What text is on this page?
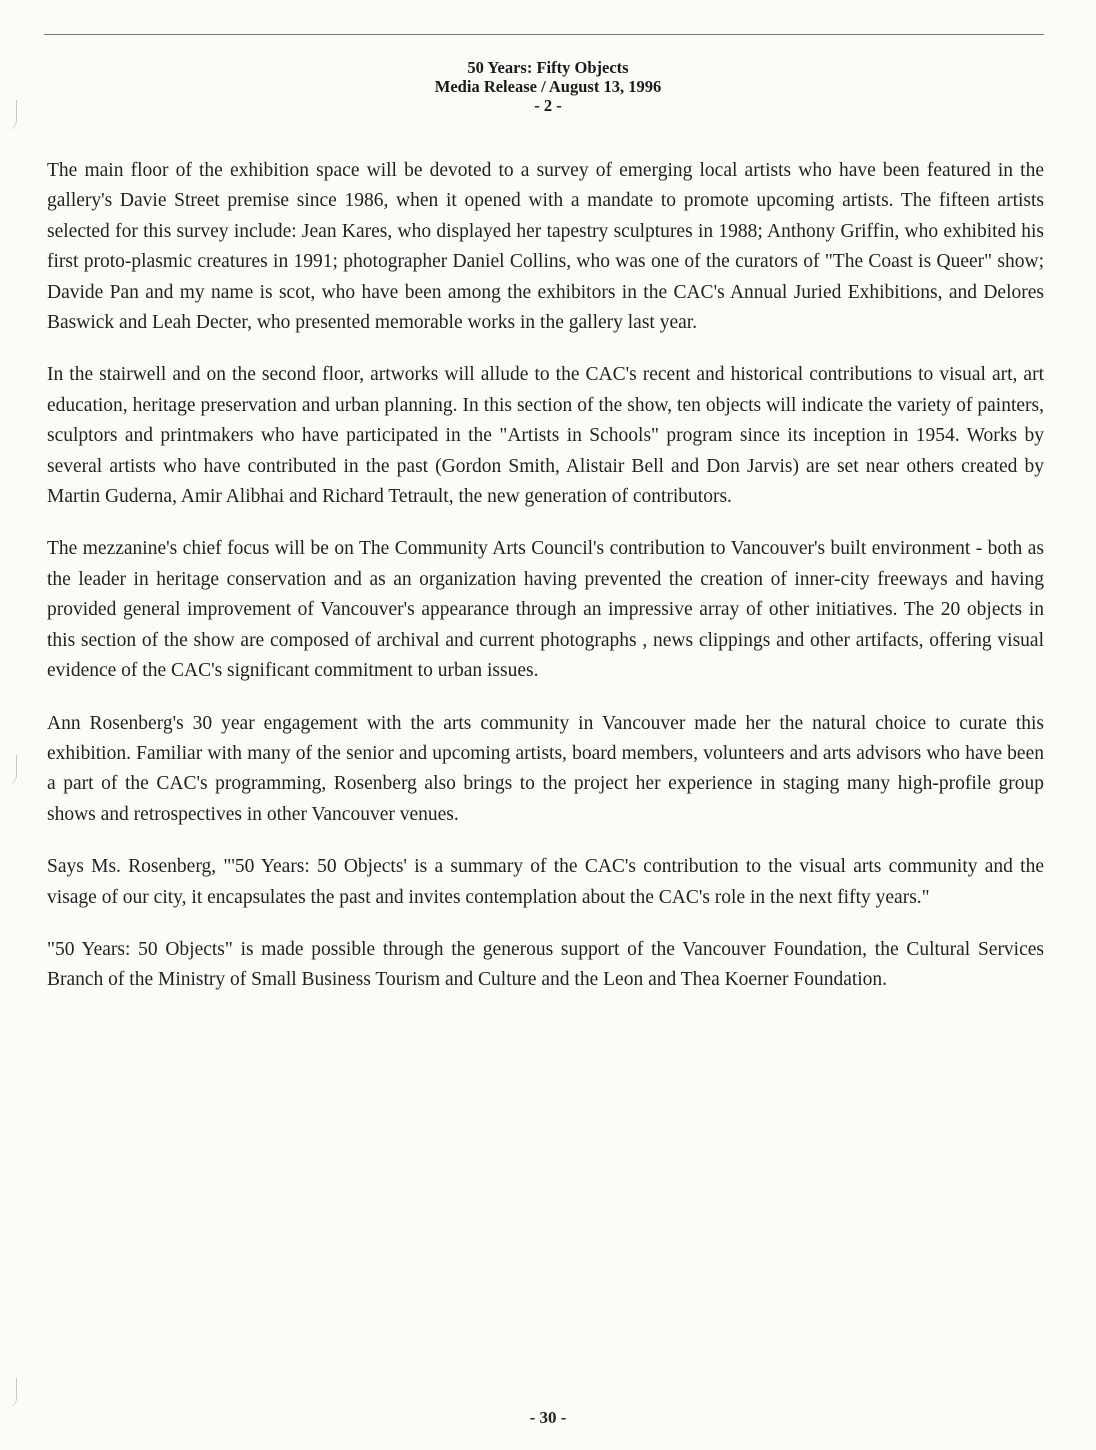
50 Years: Fifty Objects
Media Release / August 13, 1996
- 2 -

The main floor of the exhibition space will be devoted to a survey of emerging local artists who have been featured in the gallery's Davie Street premise since 1986, when it opened with a mandate to promote upcoming artists. The fifteen artists selected for this survey include: Jean Kares, who displayed her tapestry sculptures in 1988; Anthony Griffin, who exhibited his first proto-plasmic creatures in 1991; photographer Daniel Collins, who was one of the curators of "The Coast is Queer" show; Davide Pan and my name is scot, who have been among the exhibitors in the CAC's Annual Juried Exhibitions, and Delores Baswick and Leah Decter, who presented memorable works in the gallery last year.

In the stairwell and on the second floor, artworks will allude to the CAC's recent and historical contributions to visual art, art education, heritage preservation and urban planning. In this section of the show, ten objects will indicate the variety of painters, sculptors and printmakers who have participated in the "Artists in Schools" program since its inception in 1954. Works by several artists who have contributed in the past (Gordon Smith, Alistair Bell and Don Jarvis) are set near others created by Martin Guderna, Amir Alibhai and Richard Tetrault, the new generation of contributors.

The mezzanine's chief focus will be on The Community Arts Council's contribution to Vancouver's built environment - both as the leader in heritage conservation and as an organization having prevented the creation of inner-city freeways and having provided general improvement of Vancouver's appearance through an impressive array of other initiatives. The 20 objects in this section of the show are composed of archival and current photographs , news clippings and other artifacts, offering visual evidence of the CAC's significant commitment to urban issues.

Ann Rosenberg's 30 year engagement with the arts community in Vancouver made her the natural choice to curate this exhibition. Familiar with many of the senior and upcoming artists, board members, volunteers and arts advisors who have been a part of the CAC's programming, Rosenberg also brings to the project her experience in staging many high-profile group shows and retrospectives in other Vancouver venues.

Says Ms. Rosenberg, "'50 Years: 50 Objects' is a summary of the CAC's contribution to the visual arts community and the visage of our city, it encapsulates the past and invites contemplation about the CAC's role in the next fifty years."

"50 Years: 50 Objects" is made possible through the generous support of the Vancouver Foundation, the Cultural Services Branch of the Ministry of Small Business Tourism and Culture and the Leon and Thea Koerner Foundation.

- 30 -
